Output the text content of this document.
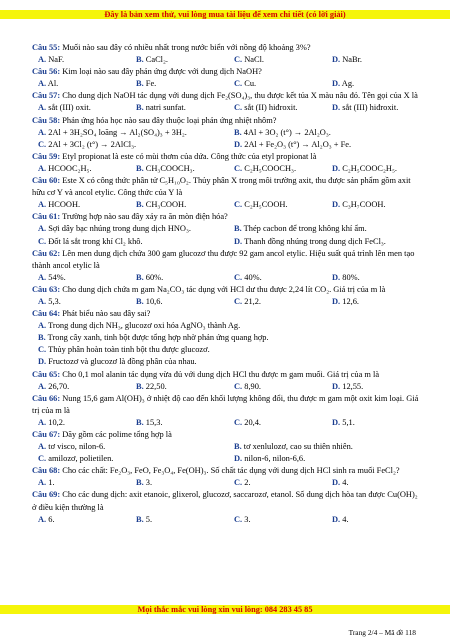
Đây là bản xem thử, vui lòng mua tài liệu để xem chi tiết (có lời giải)
Câu 55: Muối nào sau đây có nhiều nhất trong nước biển với nồng độ khoảng 3%?
A. NaF.	B. CaCl₂.	C. NaCl.	D. NaBr.
Câu 56: Kim loại nào sau đây phản ứng được với dung dịch NaOH?
A. Al.	B. Fe.	C. Cu.	D. Ag.
Câu 57: Cho dung dịch NaOH tác dụng với dung dịch Fe₂(SO₄)₃, thu được kết tủa X màu nâu đỏ. Tên gọi của X là
A. sắt (III) oxit.	B. natri sunfat.	C. sắt (II) hiđroxit.	D. sắt (III) hiđroxit.
Câu 58: Phản ứng hóa học nào sau đây thuộc loại phản ứng nhiệt nhôm?
A. 2Al + 3H₂SO₄ loãng → Al₂(SO₄)₃ + 3H₂.	B. 4Al + 3O₂ (t°) → 2Al₂O₃.
C. 2Al + 3Cl₂ (t°) → 2AlCl₃.	D. 2Al + Fe₂O₃ (t°) → Al₂O₃ + Fe.
Câu 59: Etyl propionat là este có mùi thơm của dứa. Công thức của etyl propionat là
A. HCOOC₂H₅.	B. CH₃COOCH₃.	C. C₂H₅COOCH₃.	D. C₂H₅COOC₂H₅.
Câu 60: Este X có công thức phân tử C₅H₁₀O₂. Thủy phân X trong môi trường axit, thu được sản phẩm gồm axit hữu cơ Y và ancol etylic. Công thức của Y là
A. HCOOH.	B. CH₃COOH.	C. C₂H₅COOH.	D. C₃H₇COOH.
Câu 61: Trường hợp nào sau đây xảy ra ăn mòn điện hóa?
A. Sợi dây bạc nhúng trong dung dịch HNO₃.	B. Thép cacbon để trong không khí ẩm.
C. Đốt lá sắt trong khí Cl₂ khô.	D. Thanh đồng nhúng trong dung dịch FeCl₃.
Câu 62: Lên men dung dịch chứa 300 gam glucozơ thu được 92 gam ancol etylic. Hiệu suất quá trình lên men tạo thành ancol etylic là
A. 54%.	B. 60%.	C. 40%.	D. 80%.
Câu 63: Cho dung dịch chứa m gam Na₂CO₃ tác dụng với HCl dư thu được 2,24 lít CO₂. Giá trị của m là
A. 5,3.	B. 10,6.	C. 21,2.	D. 12,6.
Câu 64: Phát biểu nào sau đây sai?
A. Trong dung dịch NH₃, glucozơ oxi hóa AgNO₃ thành Ag.
B. Trong cây xanh, tinh bột được tổng hợp nhờ phản ứng quang hợp.
C. Thủy phân hoàn toàn tinh bột thu được glucozơ.
D. Fructozơ và glucozơ là đồng phân của nhau.
Câu 65: Cho 0,1 mol alanin tác dụng vừa đủ với dung dịch HCl thu được m gam muối. Giá trị của m là
A. 26,70.	B. 22,50.	C. 8,90.	D. 12,55.
Câu 66: Nung 15,6 gam Al(OH)₃ ở nhiệt độ cao đến khối lượng không đổi, thu được m gam một oxit kim loại. Giá trị của m là
A. 10,2.	B. 15,3.	C. 20,4.	D. 5,1.
Câu 67: Dãy gồm các polime tổng hợp là
A. tơ visco, nilon-6.	B. tơ xenlulozơ, cao su thiên nhiên.
C. amilozơ, polietilen.	D. nilon-6, nilon-6,6.
Câu 68: Cho các chất: Fe₂O₃, FeO, Fe₃O₄, Fe(OH)₃. Số chất tác dụng với dung dịch HCl sinh ra muối FeCl₂?
A. 1.	B. 3.	C. 2.	D. 4.
Câu 69: Cho các dung dịch: axit etanoic, glixerol, glucozơ, saccarozơ, etanol. Số dung dịch hòa tan được Cu(OH)₂ ở điều kiện thường là
A. 6.	B. 5.	C. 3.	D. 4.
Mọi thắc mắc vui lòng xin vui lòng: 084 283 45 85
Trang 2/4 – Mã đề 118
